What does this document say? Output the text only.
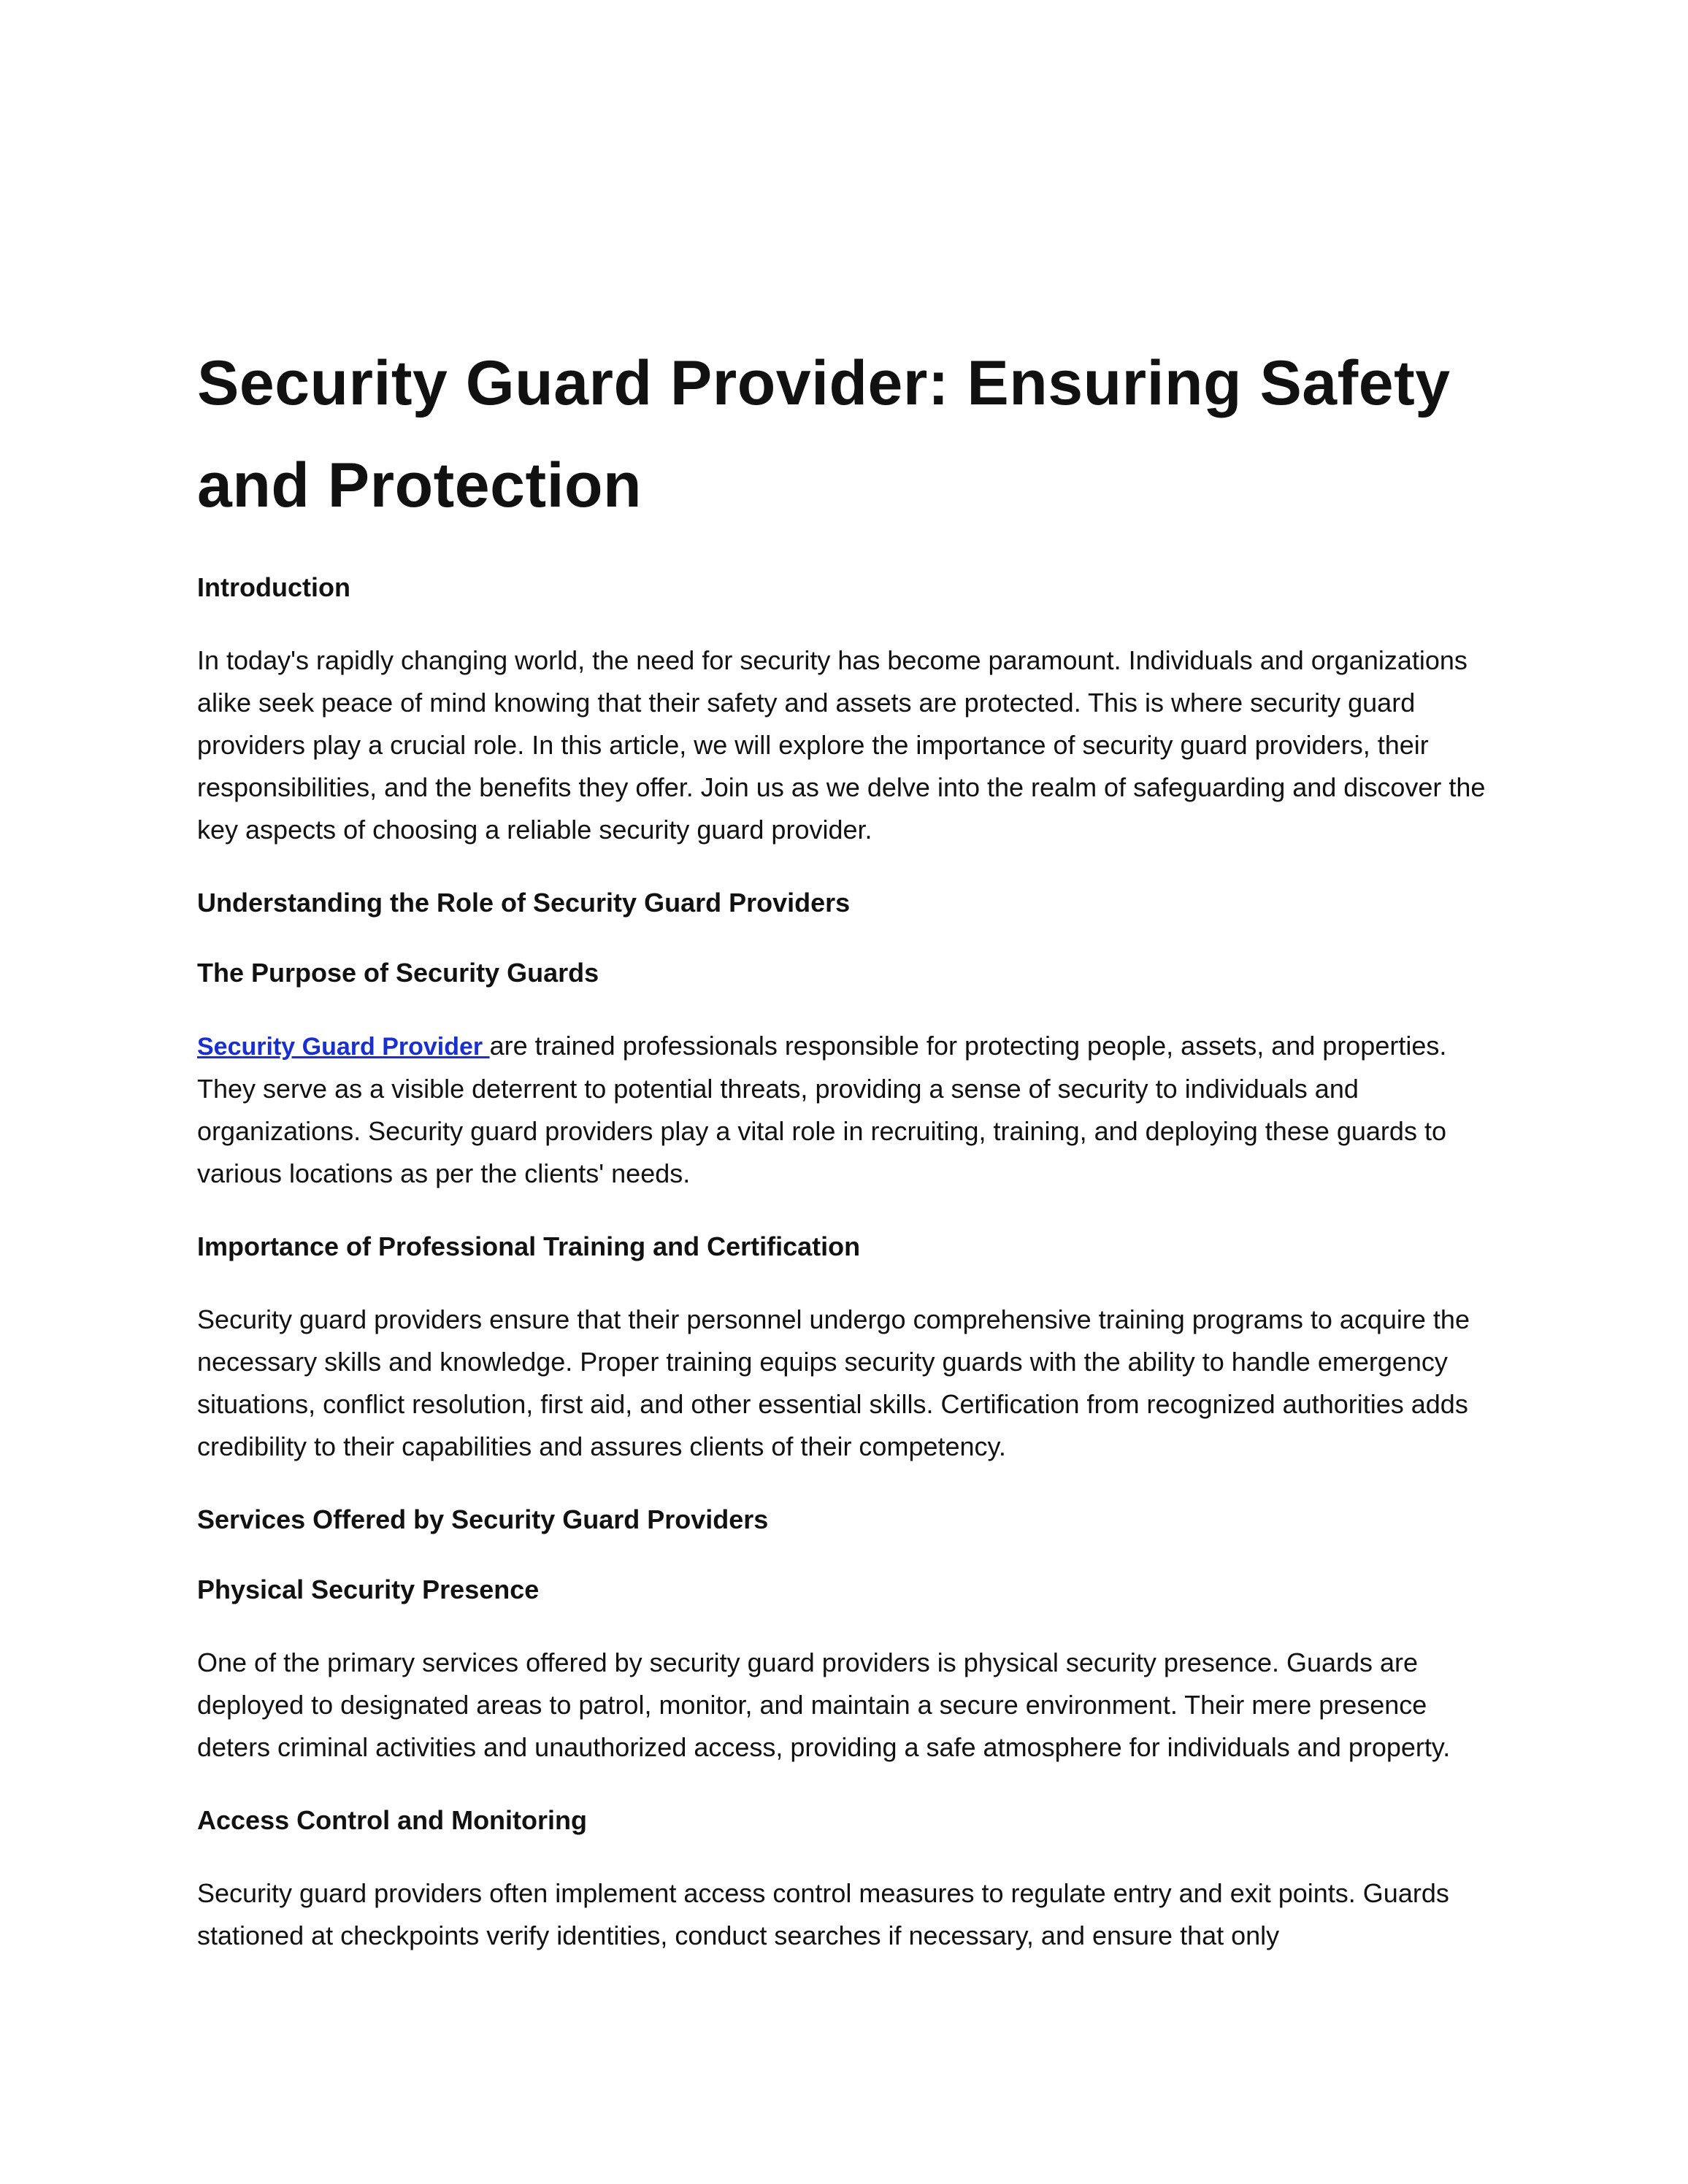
Security Guard Provider: Ensuring Safety and Protection
Introduction

In today's rapidly changing world, the need for security has become paramount. Individuals and organizations alike seek peace of mind knowing that their safety and assets are protected. This is where security guard providers play a crucial role. In this article, we will explore the importance of security guard providers, their responsibilities, and the benefits they offer. Join us as we delve into the realm of safeguarding and discover the key aspects of choosing a reliable security guard provider.

Understanding the Role of Security Guard Providers
The Purpose of Security Guards

Security Guard Provider are trained professionals responsible for protecting people, assets, and properties. They serve as a visible deterrent to potential threats, providing a sense of security to individuals and organizations. Security guard providers play a vital role in recruiting, training, and deploying these guards to various locations as per the clients' needs.

Importance of Professional Training and Certification

Security guard providers ensure that their personnel undergo comprehensive training programs to acquire the necessary skills and knowledge. Proper training equips security guards with the ability to handle emergency situations, conflict resolution, first aid, and other essential skills. Certification from recognized authorities adds credibility to their capabilities and assures clients of their competency.

Services Offered by Security Guard Providers
Physical Security Presence

One of the primary services offered by security guard providers is physical security presence. Guards are deployed to designated areas to patrol, monitor, and maintain a secure environment. Their mere presence deters criminal activities and unauthorized access, providing a safe atmosphere for individuals and property.

Access Control and Monitoring

Security guard providers often implement access control measures to regulate entry and exit points. Guards stationed at checkpoints verify identities, conduct searches if necessary, and ensure that only
